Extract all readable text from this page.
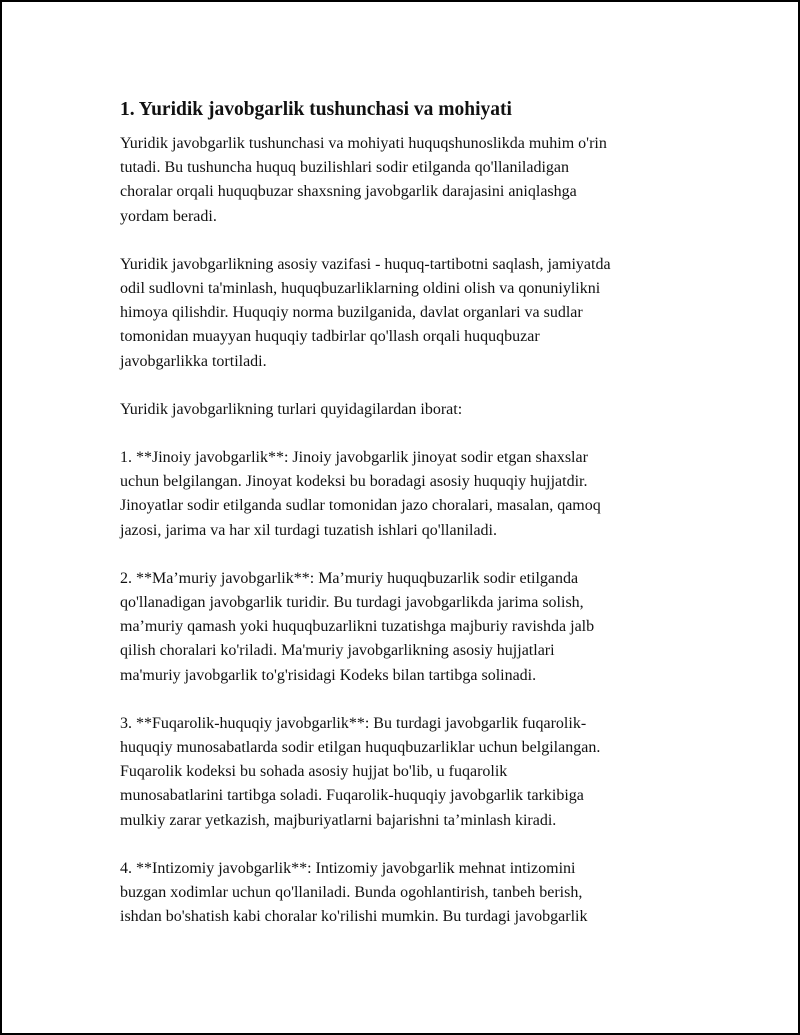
1. Yuridik javobgarlik tushunchasi va mohiyati

Yuridik javobgarlik tushunchasi va mohiyati huquqshunoslikda muhim o'rin
tutadi. Bu tushuncha huquq buzilishlari sodir etilganda qo'llaniladigan
choralar orqali huquqbuzar shaxsning javobgarlik darajasini aniqlashga
yordam beradi.

Yuridik javobgarlikning asosiy vazifasi - huquq-tartibotni saqlash, jamiyatda
odil sudlovni ta'minlash, huquqbuzarliklarning oldini olish va qonuniylikni
himoya qilishdir. Huquqiy norma buzilganida, davlat organlari va sudlar
tomonidan muayyan huquqiy tadbirlar qo'llash orqali huquqbuzar
javobgarlikka tortiladi.

Yuridik javobgarlikning turlari quyidagilardan iborat:

1. **Jinoiy javobgarlik**: Jinoiy javobgarlik jinoyat sodir etgan shaxslar
uchun belgilangan. Jinoyat kodeksi bu boradagi asosiy huquqiy hujjatdir.
Jinoyatlar sodir etilganda sudlar tomonidan jazo choralari, masalan, qamoq
jazosi, jarima va har xil turdagi tuzatish ishlari qo'llaniladi.

2. **Ma’muriy javobgarlik**: Ma’muriy huquqbuzarlik sodir etilganda
qo'llanadigan javobgarlik turidir. Bu turdagi javobgarlikda jarima solish,
ma’muriy qamash yoki huquqbuzarlikni tuzatishga majburiy ravishda jalb
qilish choralari ko'riladi. Ma'muriy javobgarlikning asosiy hujjatlari
ma'muriy javobgarlik to'g'risidagi Kodeks bilan tartibga solinadi.

3. **Fuqarolik-huquqiy javobgarlik**: Bu turdagi javobgarlik fuqarolik-
huquqiy munosabatlarda sodir etilgan huquqbuzarliklar uchun belgilangan.
Fuqarolik kodeksi bu sohada asosiy hujjat bo'lib, u fuqarolik
munosabatlarini tartibga soladi. Fuqarolik-huquqiy javobgarlik tarkibiga
mulkiy zarar yetkazish, majburiyatlarni bajarishni ta’minlash kiradi.

4. **Intizomiy javobgarlik**: Intizomiy javobgarlik mehnat intizomini
buzgan xodimlar uchun qo'llaniladi. Bunda ogohlantirish, tanbeh berish,
ishdan bo'shatish kabi choralar ko'rilishi mumkin. Bu turdagi javobgarlik
